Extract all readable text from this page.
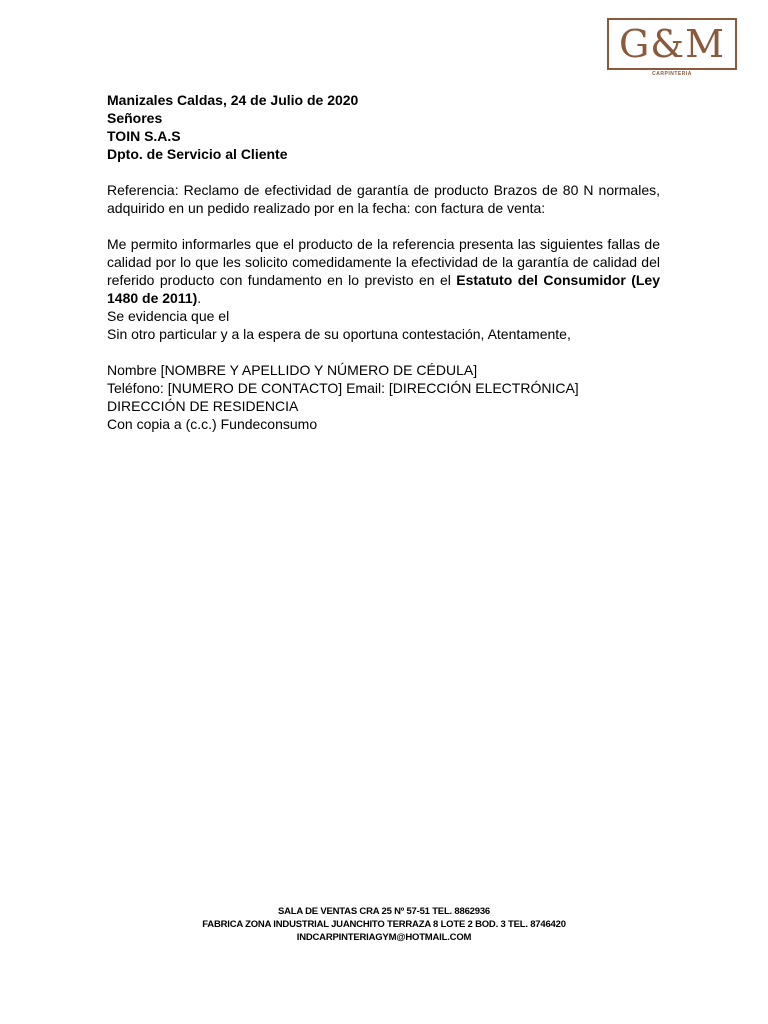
G&M
CARPINTERIA

Manizales Caldas, 24 de Julio de 2020

Señores

TOIN S.A.S

Dpto. de Servicio al Cliente

Referencia: Reclamo de efectividad de garantía de producto Brazos de 80 N normales, adquirido en un pedido realizado por en la fecha: con factura de venta:

Me permito informarles que el producto de la referencia presenta las siguientes fallas de calidad por lo que les solicito comedidamente la efectividad de la garantía de calidad del referido producto con fundamento en lo previsto en el Estatuto del Consumidor (Ley 1480 de 2011).

Se evidencia que el

Sin otro particular y a la espera de su oportuna contestación, Atentamente,

Nombre [NOMBRE Y APELLIDO Y NÚMERO DE CÉDULA]

Teléfono: [NUMERO DE CONTACTO] Email: [DIRECCIÓN ELECTRÓNICA]

DIRECCIÓN DE RESIDENCIA

Con copia a (c.c.) Fundeconsumo

SALA DE VENTAS CRA 25 Nº 57-51 TEL. 8862936
FABRICA ZONA INDUSTRIAL JUANCHITO TERRAZA 8 LOTE 2 BOD. 3 TEL. 8746420
INDCARPINTERIAGYM@HOTMAIL.COM
